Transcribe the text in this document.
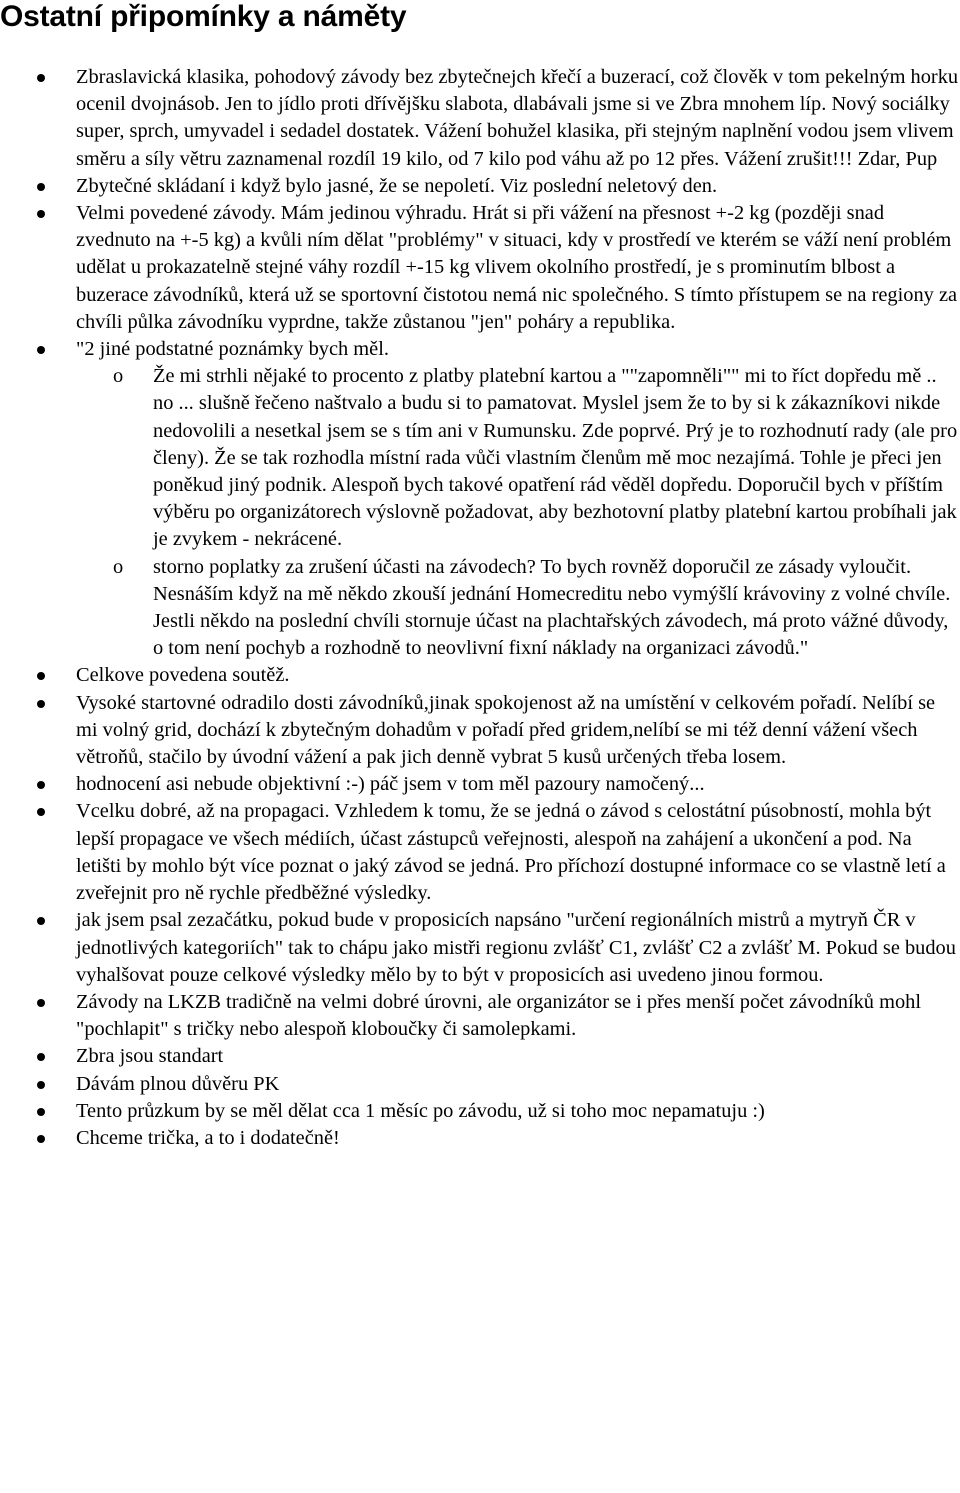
Ostatní připomínky a náměty
Zbraslavická klasika, pohodový závody bez zbytečnejch křečí a buzerací, což člověk v tom pekelným horku ocenil dvojnásob. Jen to jídlo proti dřívějšku slabota, dlabávali jsme si ve Zbra mnohem líp. Nový sociálky super, sprch, umyvadel i sedadel dostatek. Vážení bohužel klasika, při stejným naplnění vodou jsem vlivem směru a síly větru zaznamenal rozdíl 19 kilo, od 7 kilo pod váhu až po 12 přes. Vážení zrušit!!! Zdar, Pup
Zbytečné skládaní i když bylo jasné, že se nepoletí. Viz poslední neletový den.
Velmi povedené závody. Mám jedinou výhradu. Hrát si při vážení na přesnost +-2 kg (později snad zvednuto na +-5 kg) a kvůli ním dělat "problémy" v situaci, kdy v prostředí ve kterém se váží není problém udělat u prokazatelně stejné váhy rozdíl +-15 kg vlivem okolního prostředí, je s prominutím blbost a buzerace závodníků, která už se sportovní čistotou nemá nic společného. S tímto přístupem se na regiony za chvíli půlka závodníku vyprdne, takže zůstanou "jen" poháry a republika.
"2 jiné podstatné poznámky bych měl.
o Že mi strhli nějaké to procento z platby platební kartou a ""zapomněli"" mi to říct dopředu mě .. no ... slušně řečeno naštvalo a budu si to pamatovat. Myslel jsem že to by si k zákazníkovi nikde nedovolili a nesetkal jsem se s tím ani v Rumunsku. Zde poprvé. Prý je to rozhodnutí rady (ale pro členy). Že se tak rozhodla místní rada vůči vlastním členům mě moc nezajímá. Tohle je přeci jen poněkud jiný podnik. Alespoň bych takové opatření rád věděl dopředu. Doporučil bych v příštím výběru po organizátorech výslovně požadovat, aby bezhotovní platby platební kartou probíhali jak je zvykem - nekrácené.
o storno poplatky za zrušení účasti na závodech? To bych rovněž doporučil ze zásady vyloučit. Nesnáším když na mě někdo zkouší jednání Homecreditu nebo vymýšlí krávoviny z volné chvíle. Jestli někdo na poslední chvíli stornuje účast na plachtařských závodech, má proto vážné důvody, o tom není pochyb a rozhodně to neovlivní fixní náklady na organizaci závodů."
Celkove povedena soutěž.
Vysoké startovné odradilo dosti závodníků,jinak spokojenost až na umístění v celkovém pořadí. Nelíbí se mi volný grid, dochází k zbytečným dohadům v pořadí před gridem,nelíbí se mi též denní vážení všech větroňů, stačilo by úvodní vážení a pak jich denně vybrat 5 kusů určených třeba losem.
hodnocení asi nebude objektivní :-) páč jsem v tom měl pazoury namočený...
Vcelku dobré, až na propagaci. Vzhledem k tomu, že se jedná o závod s celostátní púsobností, mohla být lepší propagace ve všech médiích, účast zástupců veřejnosti, alespoň na zahájení a ukončení a pod. Na letišti by mohlo být více poznat o jaký závod se jedná. Pro příchozí dostupné informace co se vlastně letí a zveřejnit pro ně rychle předběžné výsledky.
jak jsem psal zezačátku, pokud bude v proposicích napsáno "určení regionálních mistrů a mytryň ČR v jednotlivých kategoriích" tak to chápu jako mistři regionu zvlášť C1, zvlášť C2 a zvlášť M. Pokud se budou vyhalšovat pouze celkové výsledky mělo by to být v proposicích asi uvedeno jinou formou.
Závody na LKZB tradičně na velmi dobré úrovni, ale organizátor se i přes menší počet závodníků mohl "pochlapit" s tričky nebo alespoň kloboučky či samolepkami.
Zbra jsou standart
Dávám plnou důvěru PK
Tento průzkum by se měl dělat cca 1 měsíc po závodu, už si toho moc nepamatuju :)
Chceme trička, a to i dodatečně!
